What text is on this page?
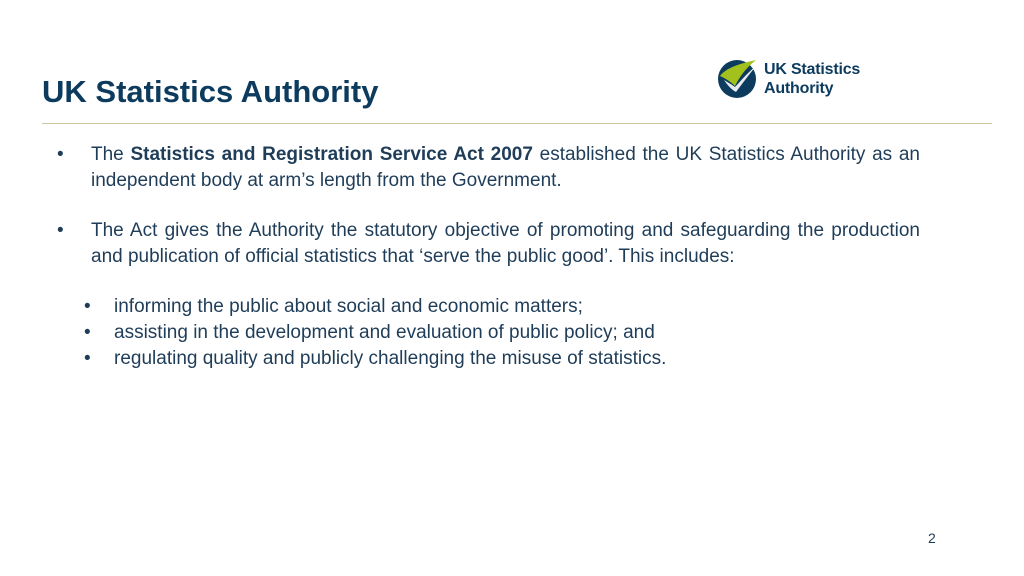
UK Statistics Authority
UK Statistics
Authority

• The Statistics and Registration Service Act 2007 established the UK Statistics Authority as an independent body at arm’s length from the Government.

• The Act gives the Authority the statutory objective of promoting and safeguarding the production and publication of official statistics that ‘serve the public good’. This includes:

• informing the public about social and economic matters;
• assisting in the development and evaluation of public policy; and
• regulating quality and publicly challenging the misuse of statistics.
2
